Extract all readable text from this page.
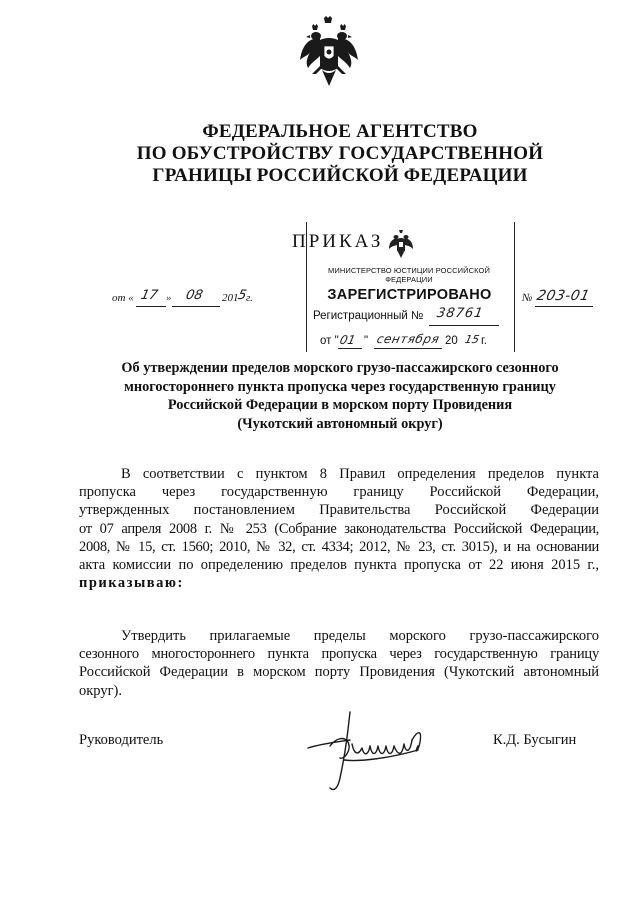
ФЕДЕРАЛЬНОЕ АГЕНТСТВО
ПО ОБУСТРОЙСТВУ ГОСУДАРСТВЕННОЙ
ГРАНИЦЫ РОССИЙСКОЙ ФЕДЕРАЦИИ
ПРИКАЗ
МИНИСТЕРСТВО ЮСТИЦИИ РОССИЙСКОЙ ФЕДЕРАЦИИ
ЗАРЕГИСТРИРОВАНО
Регистрационный № 38761
от " 01 " сентября 20 15 г.
от « 17 » 08 201
5
г.	№ 203-01
Об утверждении пределов морского грузо-пассажирского сезонного
многостороннего пункта пропуска через государственную границу
Российской Федерации в морском порту Провидения
(Чукотский автономный округ)
В соответствии с пунктом 8 Правил определения пределов пункта
пропуска через государственную границу Российской Федерации,
утвержденных постановлением Правительства Российской Федерации
от 07 апреля 2008 г. № 253 (Собрание законодательства Российской Федерации,
2008, № 15, ст. 1560; 2010, № 32, ст. 4334; 2012, № 23, ст. 3015), и на основании
акта комиссии по определению пределов пункта пропуска от 22 июня 2015 г.,
приказываю:
Утвердить прилагаемые пределы морского грузо-пассажирского
сезонного многостороннего пункта пропуска через государственную границу
Российской Федерации в морском порту Провидения (Чукотский автономный
округ).
Руководитель	К.Д. Бусыгин
